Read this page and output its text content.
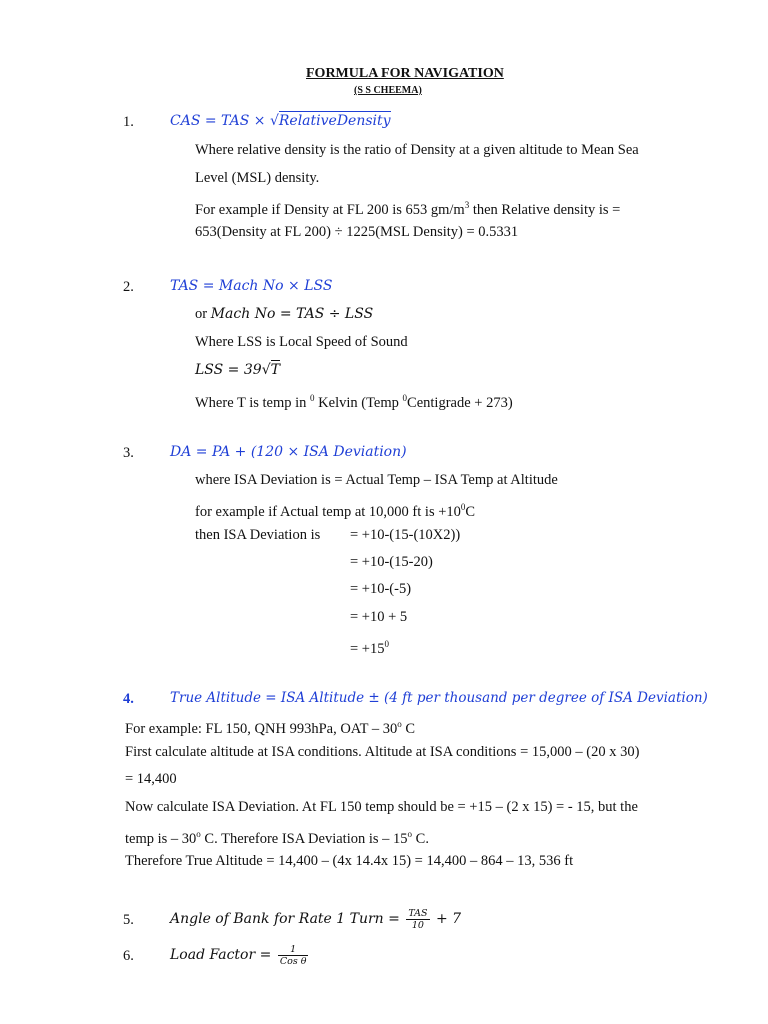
FORMULA FOR NAVIGATION
(S S CHEEMA)
1.	CAS = TAS × √RelativeDensity
Where relative density is the ratio of Density at a given altitude to Mean Sea
Level (MSL) density.
For example if Density at FL 200 is 653 $gm/m^3$ then Relative density is =
653(Density at FL 200) ÷ 1225(MSL Density) = 0.5331
2.	TAS = Mach No × LSS
or Mach No = TAS ÷ LSS
Where LSS is Local Speed of Sound
LSS = 39√T
Where T is temp in $^0$ Kelvin (Temp $^0$Centigrade + 273)
3.	DA = PA + (120 × ISA Deviation)
where ISA Deviation is = Actual Temp – ISA Temp at Altitude
for example if Actual temp at 10,000 ft is $+10^0C$
then ISA Deviation is = +10-(15-(10X2))
= +10-(15-20)
= +10-(-5)
= +10 + 5
= $+15^0$
4.	True Altitude = ISA Altitude ± (4 ft per thousand per degree of ISA Deviation)
For example: FL 150, QNH 993hPa, OAT – 30$^o$ C
First calculate altitude at ISA conditions. Altitude at ISA conditions = 15,000 – (20 x 30)
= 14,400
Now calculate ISA Deviation. At FL 150 temp should be = +15 – (2 x 15) = - 15, but the
temp is – 30$^o$ C. Therefore ISA Deviation is – 15$^o$ C.
Therefore True Altitude = 14,400 – (4x 14.4x 15) = 14,400 – 864 – 13, 536 ft
5.	Angle of Bank for Rate 1 Turn = $\frac{\text{TAS}}{10} + 7$
6.	Load Factor = $\frac{1}{\text{Cos θ}}$
